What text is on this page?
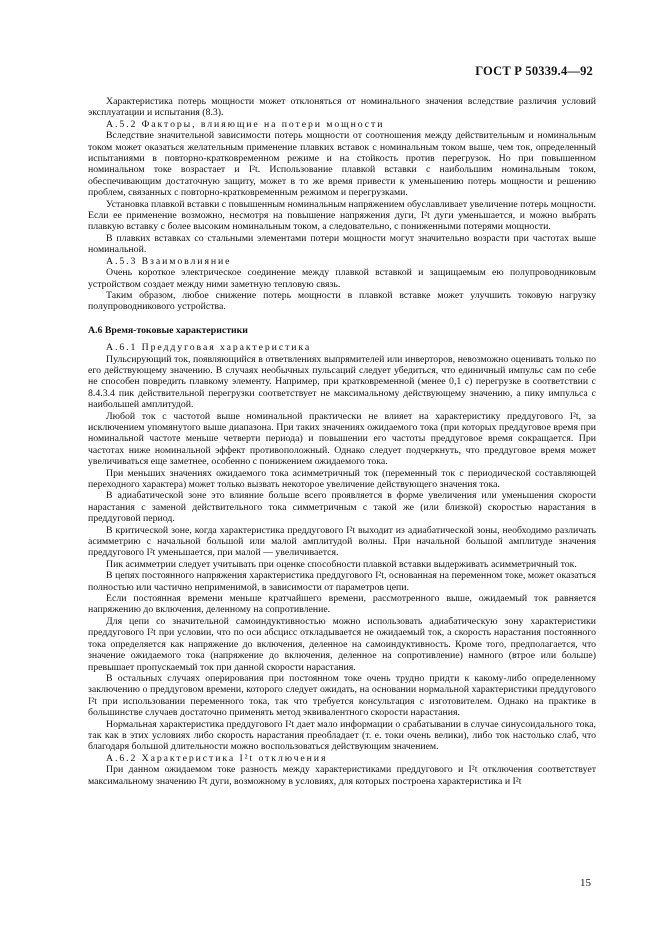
ГОСТ Р 50339.4—92

Характеристика потерь мощности может отклоняться от номинального значения вследствие различия условий эксплуатации и испытания (8.3).

А.5.2 Факторы, влияющие на потери мощности

Вследствие значительной зависимости потерь мощности от соотношения между действительным и номинальным током может оказаться желательным применение плавких вставок с номинальным током выше, чем ток, определенный испытаниями в повторно-кратковременном режиме и на стойкость против перегрузок. Но при повышенном номинальном токе возрастает и I²t. Использование плавкой вставки с наибольшим номинальным током, обеспечивающим достаточную защиту, может в то же время привести к уменьшению потерь мощности и решению проблем, связанных с повторно-кратковременным режимом и перегрузками.

Установка плавкой вставки с повышенным номинальным напряжением обуславливает увеличение потерь мощности. Если ее применение возможно, несмотря на повышение напряжения дуги, I²t дуги уменьшается, и можно выбрать плавкую вставку с более высоким номинальным током, а следовательно, с пониженными потерями мощности.

В плавких вставках со стальными элементами потери мощности могут значительно возрасти при частотах выше номинальной.

А.5.3 Взаимовлияние

Очень короткое электрическое соединение между плавкой вставкой и защищаемым ею полупроводниковым устройством создает между ними заметную тепловую связь.

Таким образом, любое снижение потерь мощности в плавкой вставке может улучшить токовую нагрузку полупроводникового устройства.

А.6 Время-токовые характеристики

А.6.1 Преддуговая характеристика

Пульсирующий ток, появляющийся в ответвлениях выпрямителей или инверторов, невозможно оценивать только по его действующему значению. В случаях необычных пульсаций следует убедиться, что единичный импульс сам по себе не способен повредить плавкому элементу. Например, при кратковременной (менее 0,1 с) перегрузке в соответствии с 8.4.3.4 пик действительной перегрузки соответствует не максимальному действующему значению, а пику импульса с наибольшей амплитудой.

Любой ток с частотой выше номинальной практически не влияет на характеристику преддугового I²t, за исключением упомянутого выше диапазона. При таких значениях ожидаемого тока (при которых преддуговое время при номинальной частоте меньше четверти периода) и повышении его частоты преддуговое время сокращается. При частотах ниже номинальной эффект противоположный. Однако следует подчеркнуть, что преддуговое время может увеличиваться еще заметнее, особенно с понижением ожидаемого тока.

При меньших значениях ожидаемого тока асимметричный ток (переменный ток с периодической составляющей переходного характера) может только вызвать некоторое увеличение действующего значения тока.

В адиабатической зоне это влияние больше всего проявляется в форме увеличения или уменьшения скорости нарастания с заменой действительного тока симметричным с такой же (или близкой) скоростью нарастания в преддуговой период.

В критической зоне, когда характеристика преддугового I²t выходит из адиабатической зоны, необходимо различать асимметрию с начальной большой или малой амплитудой волны. При начальной большой амплитуде значения преддугового I²t уменьшается, при малой — увеличивается.

Пик асимметрии следует учитывать при оценке способности плавкой вставки выдерживать асимметричный ток.

В цепях постоянного напряжения характеристика преддугового I²t, основанная на переменном токе, может оказаться полностью или частично неприменимой, в зависимости от параметров цепи.

Если постоянная времени меньше кратчайшего времени, рассмотренного выше, ожидаемый ток равняется напряжению до включения, деленному на сопротивление.

Для цепи со значительной самоиндуктивностью можно использовать адиабатическую зону характеристики преддугового I²t при условии, что по оси абсцисс откладывается не ожидаемый ток, а скорость нарастания постоянного тока определяется как напряжение до включения, деленное на самоиндуктивность. Кроме того, предполагается, что значение ожидаемого тока (напряжение до включения, деленное на сопротивление) намного (втрое или больше) превышает пропускаемый ток при данной скорости нарастания.

В остальных случаях оперирования при постоянном токе очень трудно придти к какому-либо определенному заключению о преддуговом времени, которого следует ожидать, на основании нормальной характеристики преддугового I²t при использовании переменного тока, так что требуется консультация с изготовителем. Однако на практике в большинстве случаев достаточно применять метод эквивалентного скорости нарастания.

Нормальная характеристика преддугового I²t дает мало информации о срабатывании в случае синусоидального тока, так как в этих условиях либо скорость нарастания преобладает (т. е. токи очень велики), либо ток настолько слаб, что благодаря большой длительности можно воспользоваться действующим значением.

А.6.2 Характеристика I²t отключения

При данном ожидаемом токе разность между характеристиками преддугового и I²t отключения соответствует максимальному значению I²t дуги, возможному в условиях, для которых построена характеристика и I²t

15
